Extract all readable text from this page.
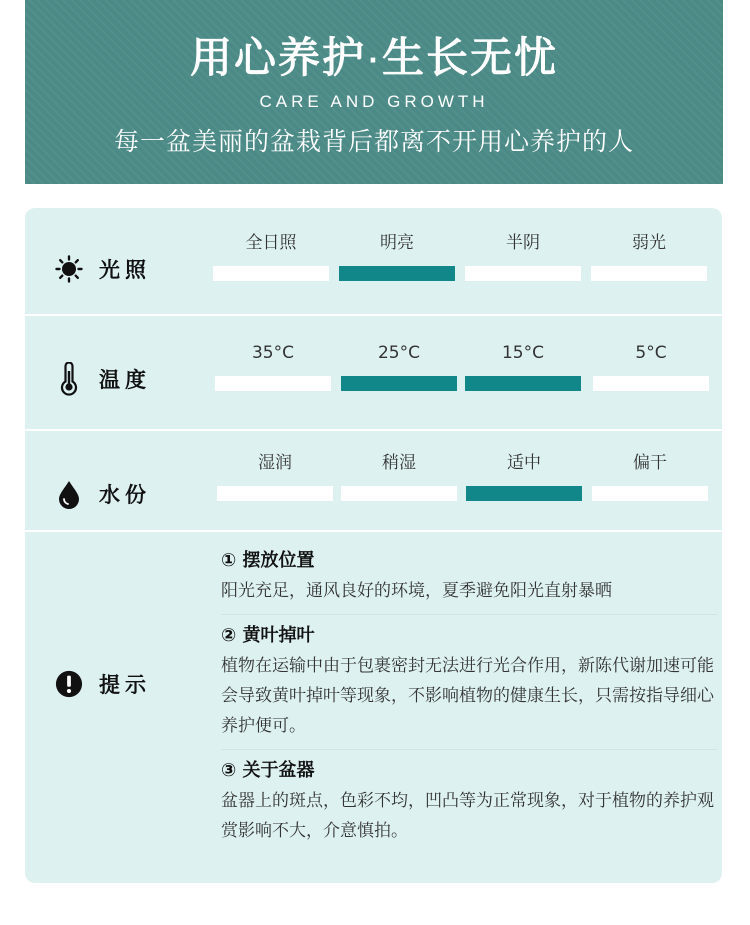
用心养护·生长无忧
CARE AND GROWTH
每一盆美丽的盆栽背后都离不开用心养护的人
光照
全日照	明亮	半阴	弱光
温度
35°C	25°C	15°C	5°C
水份
湿润	稍湿	适中	偏干
提示
① 摆放位置
阳光充足，通风良好的环境，夏季避免阳光直射暴晒
② 黄叶掉叶
植物在运输中由于包裹密封无法进行光合作用，新陈代谢加速可能会导致黄叶掉叶等现象，不影响植物的健康生长，只需按指导细心养护便可。
③ 关于盆器
盆器上的斑点，色彩不均，凹凸等为正常现象，对于植物的养护观赏影响不大，介意慎拍。
